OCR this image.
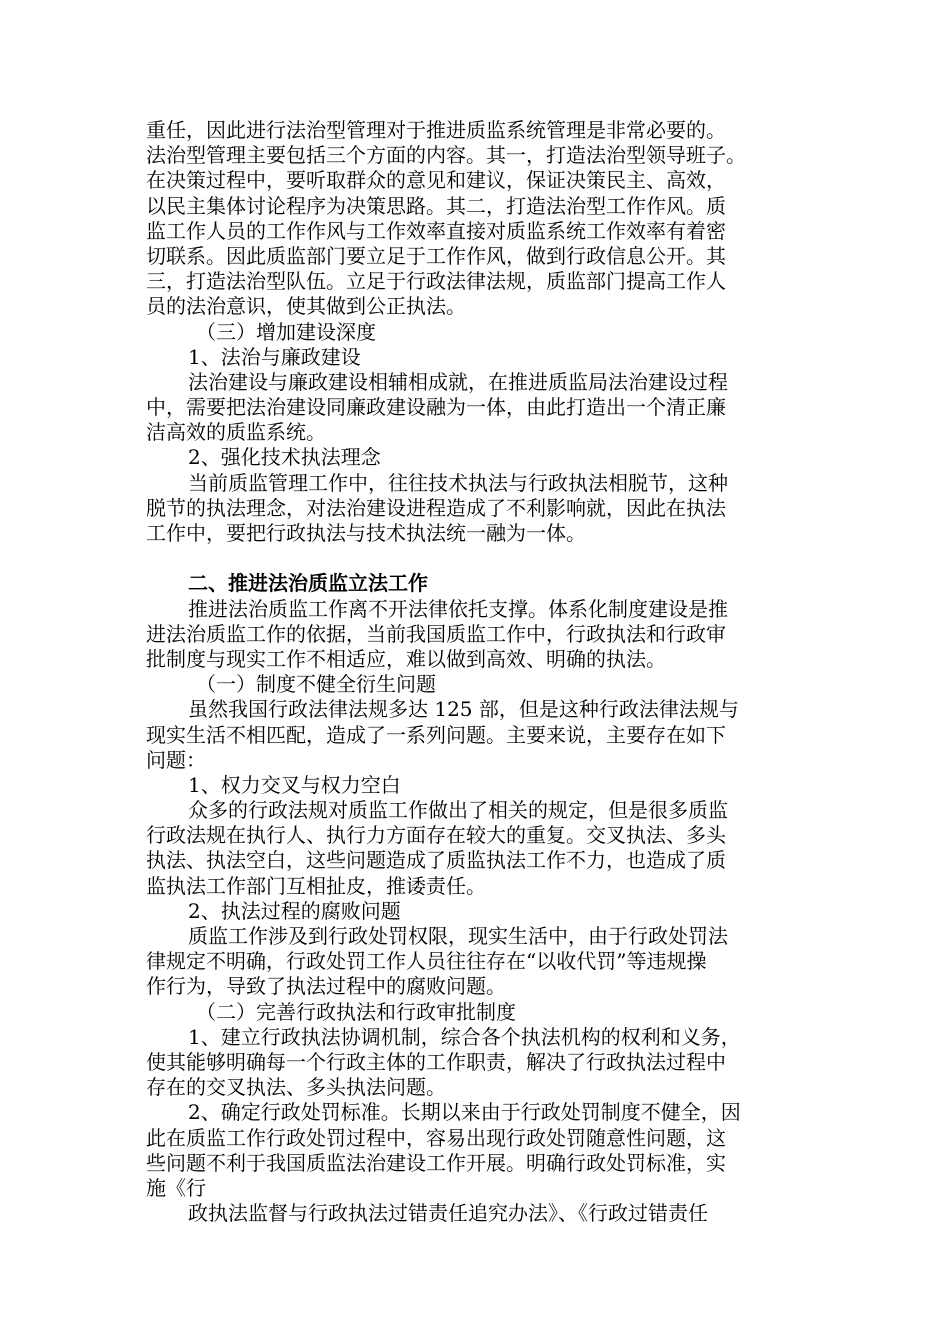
重任，因此进行法治型管理对于推进质监系统管理是非常必要的。
法治型管理主要包括三个方面的内容。其一，打造法治型领导班子。
在决策过程中，要听取群众的意见和建议，保证决策民主、高效，
以民主集体讨论程序为决策思路。其二，打造法治型工作作风。质
监工作人员的工作作风与工作效率直接对质监系统工作效率有着密
切联系。因此质监部门要立足于工作作风，做到行政信息公开。其
三，打造法治型队伍。立足于行政法律法规，质监部门提高工作人
员的法治意识，使其做到公正执法。
（三）增加建设深度
1、法治与廉政建设
法治建设与廉政建设相辅相成就，在推进质监局法治建设过程
中，需要把法治建设同廉政建设融为一体，由此打造出一个清正廉
洁高效的质监系统。
2、强化技术执法理念
当前质监管理工作中，往往技术执法与行政执法相脱节，这种
脱节的执法理念，对法治建设进程造成了不利影响就，因此在执法
工作中，要把行政执法与技术执法统一融为一体。
二、推进法治质监立法工作
推进法治质监工作离不开法律依托支撑。体系化制度建设是推
进法治质监工作的依据，当前我国质监工作中，行政执法和行政审
批制度与现实工作不相适应，难以做到高效、明确的执法。
（一）制度不健全衍生问题
虽然我国行政法律法规多达 125 部，但是这种行政法律法规与
现实生活不相匹配，造成了一系列问题。主要来说，主要存在如下
问题：
1、权力交叉与权力空白
众多的行政法规对质监工作做出了相关的规定，但是很多质监
行政法规在执行人、执行力方面存在较大的重复。交叉执法、多头
执法、执法空白，这些问题造成了质监执法工作不力，也造成了质
监执法工作部门互相扯皮，推诿责任。
2、执法过程的腐败问题
质监工作涉及到行政处罚权限，现实生活中，由于行政处罚法
律规定不明确，行政处罚工作人员往往存在“以收代罚”等违规操
作行为，导致了执法过程中的腐败问题。
（二）完善行政执法和行政审批制度
1、建立行政执法协调机制，综合各个执法机构的权利和义务，
使其能够明确每一个行政主体的工作职责，解决了行政执法过程中
存在的交叉执法、多头执法问题。
2、确定行政处罚标准。长期以来由于行政处罚制度不健全，因
此在质监工作行政处罚过程中，容易出现行政处罚随意性问题，这
些问题不利于我国质监法治建设工作开展。明确行政处罚标准，实
施《行
政执法监督与行政执法过错责任追究办法》、《行政过错责任
